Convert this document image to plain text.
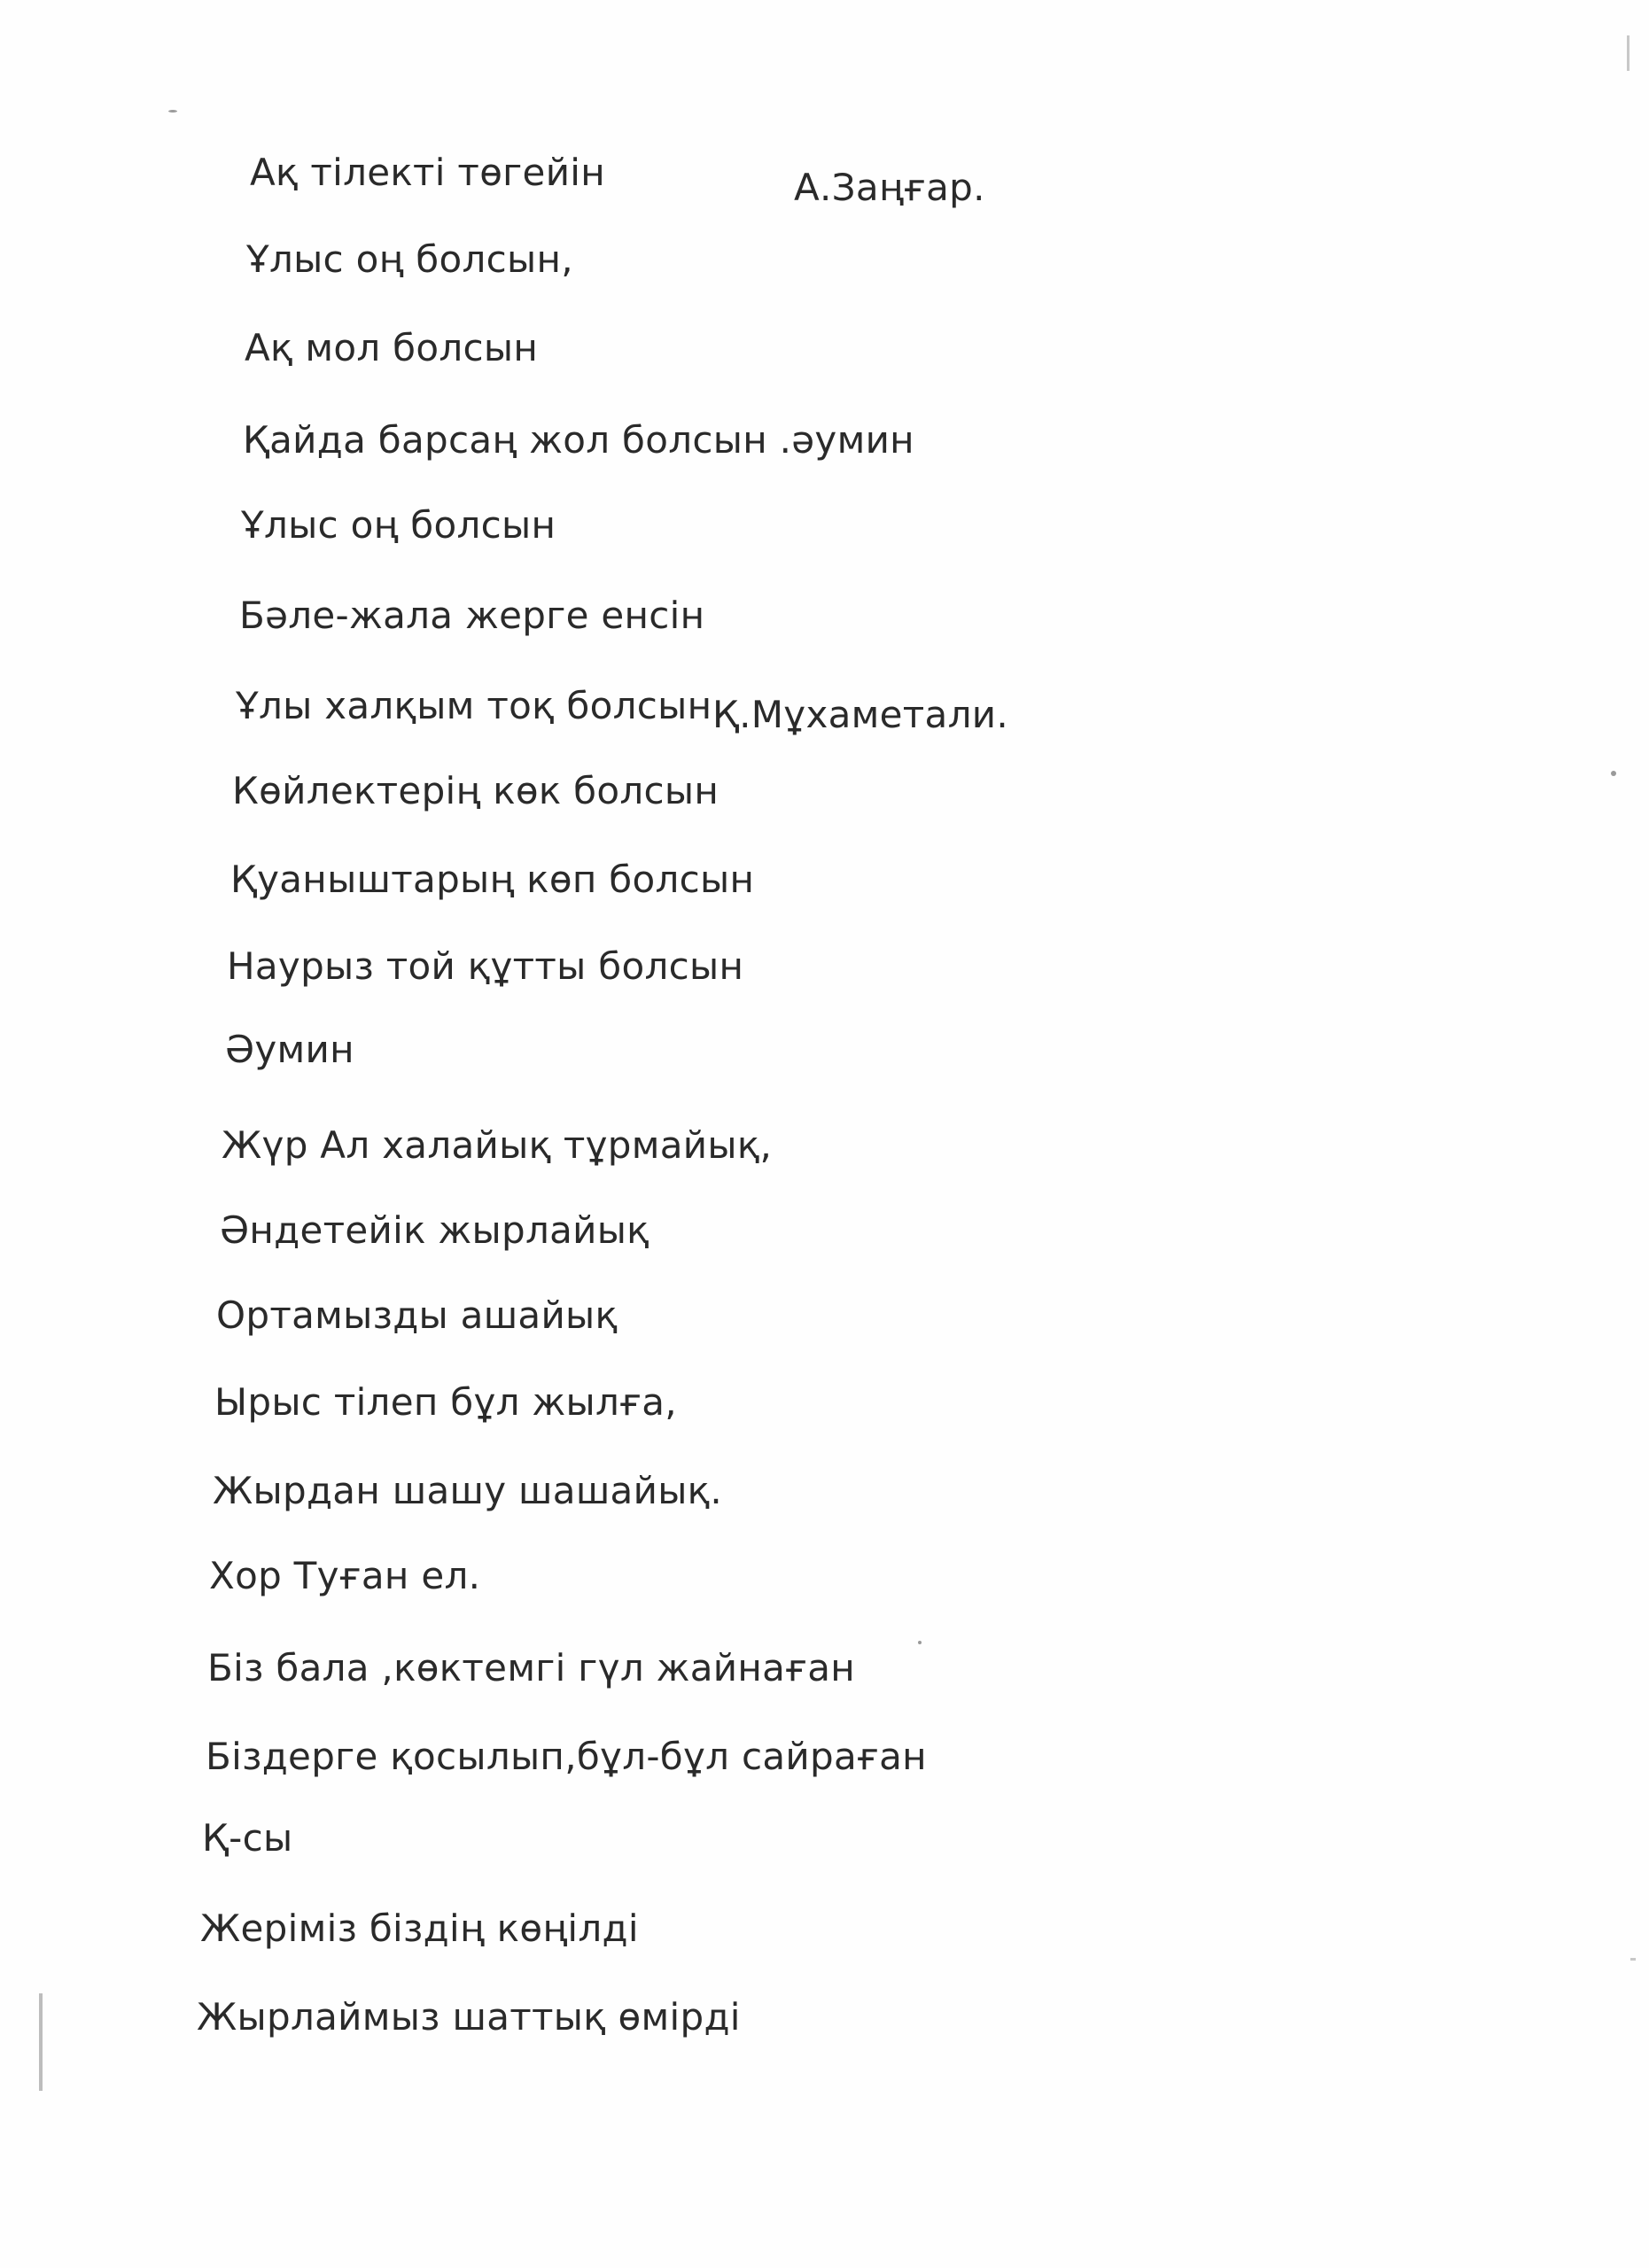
Ақ тілекті төгейін	А.Заңғар.
Ұлыс оң болсын,
Ақ мол болсын
Қайда барсаң жол болсын .әумин
Ұлыс оң болсын
Бәле-жала жерге енсін
Ұлы халқым тоқ болсын Қ.Мұхаметали.
Көйлектерің көк болсын
Қуаныштарың көп болсын
Наурыз той құтты болсын
Әумин
Жүр Ал халайық тұрмайық,
Әндетейік жырлайық
Ортамызды ашайық
Ырыс тілеп бұл жылға,
Жырдан шашу шашайық.
Хор Туған ел.
Біз бала ,көктемгі гүл жайнаған
Біздерге қосылып,бұл-бұл сайраған
Қ-сы
Жеріміз біздің көңілді
Жырлаймыз шаттық өмірді
